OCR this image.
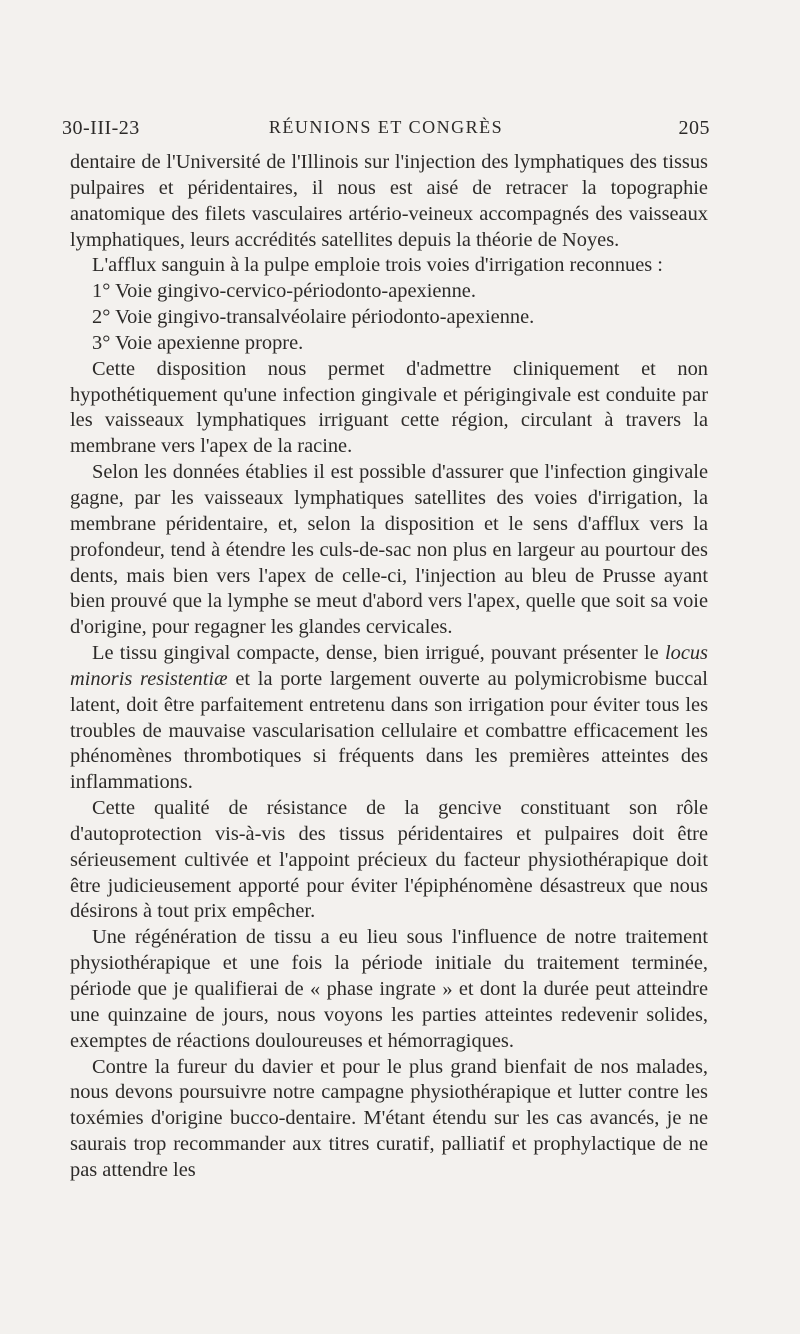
30-III-23	RÉUNIONS ET CONGRÈS	205

dentaire de l'Université de l'Illinois sur l'injection des lymphatiques des tissus pulpaires et péridentaires, il nous est aisé de retracer la topographie anatomique des filets vasculaires artério-veineux accompagnés des vaisseaux lymphatiques, leurs accrédités satellites depuis la théorie de Noyes.

L'afflux sanguin à la pulpe emploie trois voies d'irrigation reconnues :

1° Voie gingivo-cervico-périodonto-apexienne.

2° Voie gingivo-transalvéolaire périodonto-apexienne.

3° Voie apexienne propre.

Cette disposition nous permet d'admettre cliniquement et non hypothétiquement qu'une infection gingivale et périgingivale est conduite par les vaisseaux lymphatiques irriguant cette région, circulant à travers la membrane vers l'apex de la racine.

Selon les données établies il est possible d'assurer que l'infection gingivale gagne, par les vaisseaux lymphatiques satellites des voies d'irrigation, la membrane péridentaire, et, selon la disposition et le sens d'afflux vers la profondeur, tend à étendre les culs-de-sac non plus en largeur au pourtour des dents, mais bien vers l'apex de celle-ci, l'injection au bleu de Prusse ayant bien prouvé que la lymphe se meut d'abord vers l'apex, quelle que soit sa voie d'origine, pour regagner les glandes cervicales.

Le tissu gingival compacte, dense, bien irrigué, pouvant présenter le locus minoris resistentiæ et la porte largement ouverte au polymicrobisme buccal latent, doit être parfaitement entretenu dans son irrigation pour éviter tous les troubles de mauvaise vascularisation cellulaire et combattre efficacement les phénomènes thrombotiques si fréquents dans les premières atteintes des inflammations.

Cette qualité de résistance de la gencive constituant son rôle d'autoprotection vis-à-vis des tissus péridentaires et pulpaires doit être sérieusement cultivée et l'appoint précieux du facteur physiothérapique doit être judicieusement apporté pour éviter l'épiphénomène désastreux que nous désirons à tout prix empêcher.

Une régénération de tissu a eu lieu sous l'influence de notre traitement physiothérapique et une fois la période initiale du traitement terminée, période que je qualifierai de « phase ingrate » et dont la durée peut atteindre une quinzaine de jours, nous voyons les parties atteintes redevenir solides, exemptes de réactions douloureuses et hémorragiques.

Contre la fureur du davier et pour le plus grand bienfait de nos malades, nous devons poursuivre notre campagne physiothérapique et lutter contre les toxémies d'origine bucco-dentaire. M'étant étendu sur les cas avancés, je ne saurais trop recommander aux titres curatif, palliatif et prophylactique de ne pas attendre les
